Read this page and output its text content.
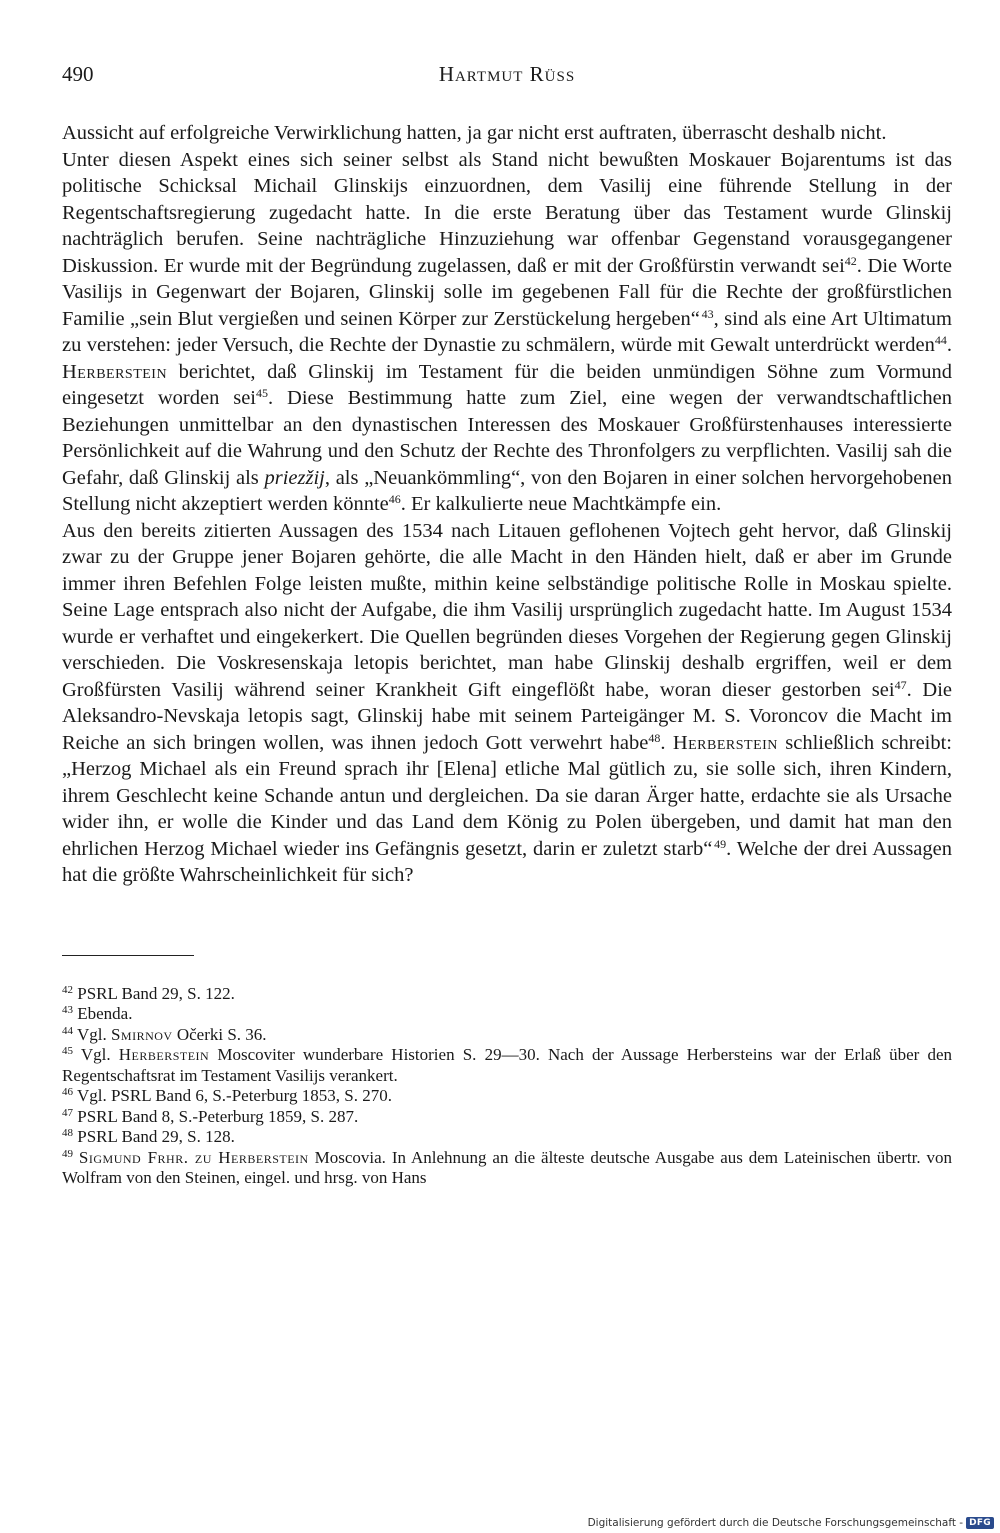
490	Hartmut Rüss

Aussicht auf erfolgreiche Verwirklichung hatten, ja gar nicht erst auftraten, überrascht deshalb nicht.

Unter diesen Aspekt eines sich seiner selbst als Stand nicht bewußten Moskauer Bojarentums ist das politische Schicksal Michail Glinskijs einzuordnen, dem Vasilij eine führende Stellung in der Regentschaftsregierung zugedacht hatte. In die erste Beratung über das Testament wurde Glinskij nachträglich berufen. Seine nachträgliche Hinzuziehung war offenbar Gegenstand vorausgegangener Diskussion. Er wurde mit der Begründung zugelassen, daß er mit der Großfürstin verwandt sei$^{42}$. Die Worte Vasilijs in Gegenwart der Bojaren, Glinskij solle im gegebenen Fall für die Rechte der großfürstlichen Familie „sein Blut vergießen und seinen Körper zur Zerstückelung hergeben“  $^{43}$, sind als eine Art Ultimatum zu verstehen: jeder Versuch, die Rechte der Dynastie zu schmälern, würde mit Gewalt unterdrückt werden$^{44}$. Herberstein berichtet, daß Glinskij im Testament für die beiden unmündigen Söhne zum Vormund eingesetzt worden sei$^{45}$. Diese Bestimmung hatte zum Ziel, eine wegen der verwandtschaftlichen Beziehungen unmittelbar an den dynastischen Interessen des Moskauer Großfürstenhauses interessierte Persönlichkeit auf die Wahrung und den Schutz der Rechte des Thronfolgers zu verpflichten. Vasilij sah die Gefahr, daß Glinskij als priezžij, als „Neuankömmling“, von den Bojaren in einer solchen hervorgehobenen Stellung nicht akzeptiert werden könnte$^{46}$. Er kalkulierte neue Machtkämpfe ein.

Aus den bereits zitierten Aussagen des 1534 nach Litauen geflohenen Vojtech geht hervor, daß Glinskij zwar zu der Gruppe jener Bojaren gehörte, die alle Macht in den Händen hielt, daß er aber im Grunde immer ihren Befehlen Folge leisten mußte, mithin keine selbständige politische Rolle in Moskau spielte. Seine Lage entsprach also nicht der Aufgabe, die ihm Vasilij ursprünglich zugedacht hatte. Im August 1534 wurde er verhaftet und eingekerkert. Die Quellen begründen dieses Vorgehen der Regierung gegen Glinskij verschieden. Die Voskresenskaja letopis berichtet, man habe Glinskij deshalb ergriffen, weil er dem Großfürsten Vasilij während seiner Krankheit Gift eingeflößt habe, woran dieser gestorben sei$^{47}$. Die Aleksandro-Nevskaja letopis sagt, Glinskij habe mit seinem Parteigänger M. S. Voroncov die Macht im Reiche an sich bringen wollen, was ihnen jedoch Gott verwehrt habe$^{48}$. Herberstein schließlich schreibt: „Herzog Michael als ein Freund sprach ihr [Elena] etliche Mal gütlich zu, sie solle sich, ihren Kindern, ihrem Geschlecht keine Schande antun und dergleichen. Da sie daran Ärger hatte, erdachte sie als Ursache wider ihn, er wolle die Kinder und das Land dem König zu Polen übergeben, und damit hat man den ehrlichen Herzog Michael wieder ins Gefängnis gesetzt, darin er zuletzt starb“  $^{49}$. Welche der drei Aussagen hat die größte Wahrscheinlichkeit für sich?

$^{42}$ PSRL Band 29, S. 122.

$^{43}$ Ebenda.

$^{44}$ Vgl. Smirnov Očerki S. 36.

$^{45}$ Vgl. Herberstein Moscoviter wunderbare Historien S. 29—30. Nach der Aussage Herbersteins war der Erlaß über den Regentschaftsrat im Testament Vasilijs verankert.

$^{46}$ Vgl. PSRL Band 6, S.-Peterburg 1853, S. 270.

$^{47}$ PSRL Band 8, S.-Peterburg 1859, S. 287.

$^{48}$ PSRL Band 29, S. 128.

$^{49}$ Sigmund Frhr. zu Herberstein Moscovia. In Anlehnung an die älteste deutsche Ausgabe aus dem Lateinischen übertr. von Wolfram von den Steinen, eingel. und hrsg. von Hans

Digitalisierung gefördert durch die Deutsche Forschungsgemeinschaft - DFG
